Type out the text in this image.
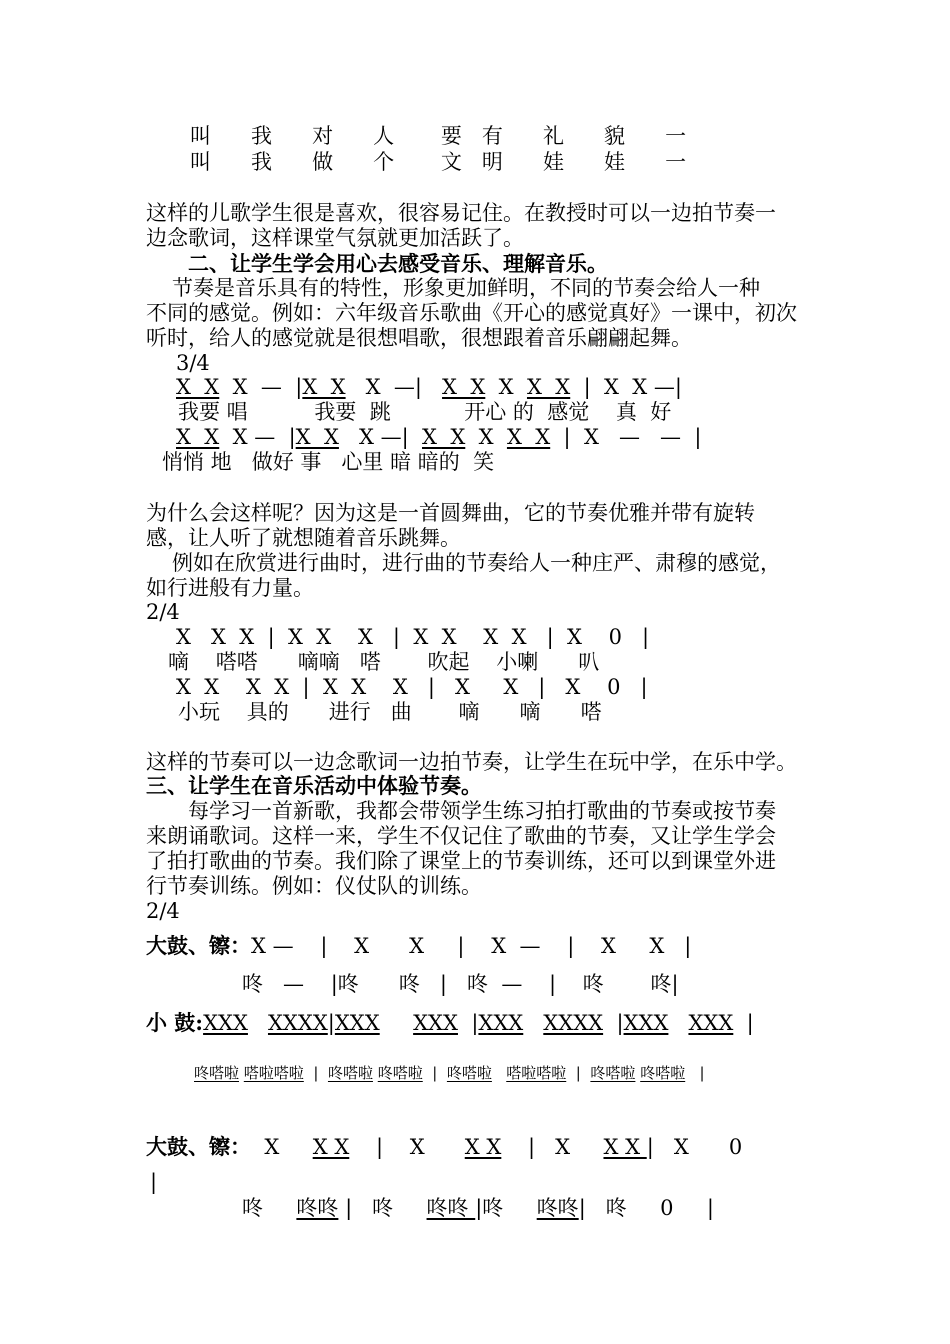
叫      我      对      人       要   有      礼      貌      一
叫      我      做      个       文   明      娃      娃      一
这样的儿歌学生很是喜欢，很容易记住。在教授时可以一边拍节奏一
边念歌词，这样课堂气氛就更加活跃了。
二、让学生学会用心去感受音乐、理解音乐。
节奏是音乐具有的特性，形象更加鲜明，不同的节奏会给人一种
不同的感觉。例如：六年级音乐歌曲《开心的感觉真好》一课中，初次
听时，给人的感觉就是很想唱歌，很想跟着音乐翩翩起舞。
3/4
X  X  X  —  |X  X   X  —|   X  X  X  X  X  |  X  X —|
我要 唱          我要  跳           开心 的  感觉    真  好
X  X  X —  |X  X   X —|  X  X  X  X  X  |  X   —   —  |
悄悄 地   做好 事   心里 暗 暗的  笑
为什么会这样呢？因为这是一首圆舞曲，它的节奏优雅并带有旋转
感，让人听了就想随着音乐跳舞。
例如在欣赏进行曲时，进行曲的节奏给人一种庄严、肃穆的感觉，
如行进般有力量。
2/4
X   X  X  |  X  X    X   |  X  X    X  X   |  X    0   |
嘀    嗒嗒      嘀嘀   嗒       吹起    小喇      叭
X  X    X  X  |  X  X    X   |   X     X   |   X    0   |
小玩    具的      进行   曲       嘀      嘀      嗒
这样的节奏可以一边念歌词一边拍节奏，让学生在玩中学，在乐中学。
三、让学生在音乐活动中体验节奏。
每学习一首新歌，我都会带领学生练习拍打歌曲的节奏或按节奏
来朗诵歌词。这样一来，学生不仅记住了歌曲的节奏，又让学生学会
了拍打歌曲的节奏。我们除了课堂上的节奏训练，还可以到课堂外进
行节奏训练。例如：仪仗队的训练。
2/4
大鼓、镲：X —    |    X      X     |    X  —    |    X     X   |
咚   —    |咚      咚   |   咚  —    |    咚       咚|
小 鼓:XXX XXXX|XXX XXX  |XXX XXXX  |XXX XXX  |
咚嗒啦 嗒啦嗒啦  |  咚嗒啦 咚嗒啦  |  咚嗒啦 嗒啦嗒啦  |  咚嗒啦 咚嗒啦   |
大鼓、镲：  X     X X    |    X      X X    |   X     X X |   X      0
|
咚     咚咚 |   咚     咚咚 |咚     咚咚|   咚     0     |
